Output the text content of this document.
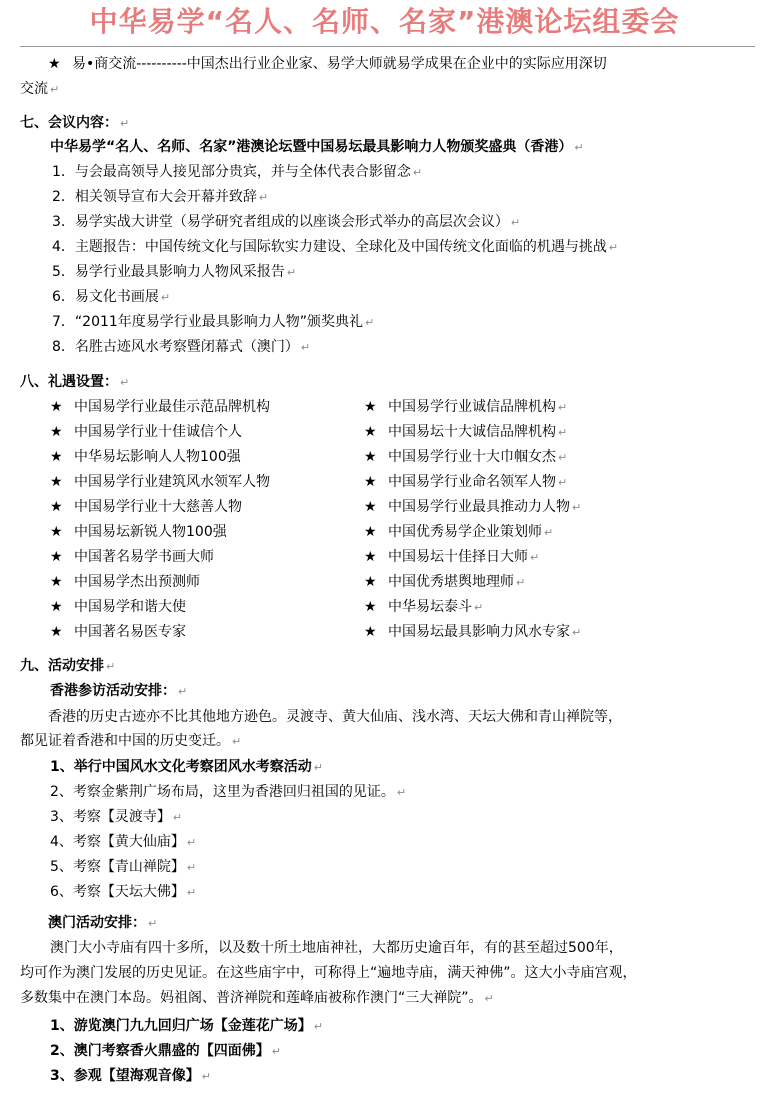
中华易学“名人、名师、名家”港澳论坛组委会
★ 易•商交流----------中国杰出行业企业家、易学大师就易学成果在企业中的实际应用深切
交流 ↵
七、会议内容： ↵
中华易学“名人、名师、名家”港澳论坛暨中国易坛最具影响力人物颁奖盛典（香港） ↵
1．与会最高领导人接见部分贵宾，并与全体代表合影留念 ↵
2．相关领导宣布大会开幕并致辞 ↵
3．易学实战大讲堂（易学研究者组成的以座谈会形式举办的高层次会议） ↵
4．主题报告：中国传统文化与国际软实力建设、全球化及中国传统文化面临的机遇与挑战 ↵
5．易学行业最具影响力人物风采报告 ↵
6．易文化书画展 ↵
7．“2011年度易学行业最具影响力人物”颁奖典礼 ↵
8．名胜古迹风水考察暨闭幕式（澳门） ↵
八、礼遇设置： ↵
★ 中国易学行业最佳示范品牌机构
★ 中国易学行业十佳诚信个人
★ 中华易坛影响人人物100强
★ 中国易学行业建筑风水领军人物
★ 中国易学行业十大慈善人物
★ 中国易坛新锐人物100强
★ 中国著名易学书画大师
★ 中国易学杰出预测师
★ 中国易学和谐大使
★ 中国著名易医专家
★ 中国易学行业诚信品牌机构 ↵
★ 中国易坛十大诚信品牌机构 ↵
★ 中国易学行业十大巾帼女杰 ↵
★ 中国易学行业命名领军人物 ↵
★ 中国易学行业最具推动力人物 ↵
★ 中国优秀易学企业策划师 ↵
★ 中国易坛十佳择日大师 ↵
★ 中国优秀堪舆地理师 ↵
★ 中华易坛泰斗 ↵
★ 中国易坛最具影响力风水专家 ↵
九、活动安排 ↵
香港参访活动安排： ↵
香港的历史古迹亦不比其他地方逊色。灵渡寺、黄大仙庙、浅水湾、天坛大佛和青山禅院等，
都见证着香港和中国的历史变迁。 ↵
1、举行中国风水文化考察团风水考察活动 ↵
2、考察金紫荆广场布局，这里为香港回归祖国的见证。 ↵
3、考察【灵渡寺】 ↵
4、考察【黄大仙庙】 ↵
5、考察【青山禅院】 ↵
6、考察【天坛大佛】 ↵
澳门活动安排： ↵
澳门大小寺庙有四十多所，以及数十所土地庙神社，大都历史逾百年，有的甚至超过500年，
均可作为澳门发展的历史见证。在这些庙宇中，可称得上“遍地寺庙，满天神佛”。这大小寺庙宫观，
多数集中在澳门本岛。妈祖阁、普济禅院和莲峰庙被称作澳门“三大禅院”。 ↵
1、游览澳门九九回归广场【金莲花广场】 ↵
2、澳门考察香火鼎盛的【四面佛】 ↵
3、参观【望海观音像】 ↵
